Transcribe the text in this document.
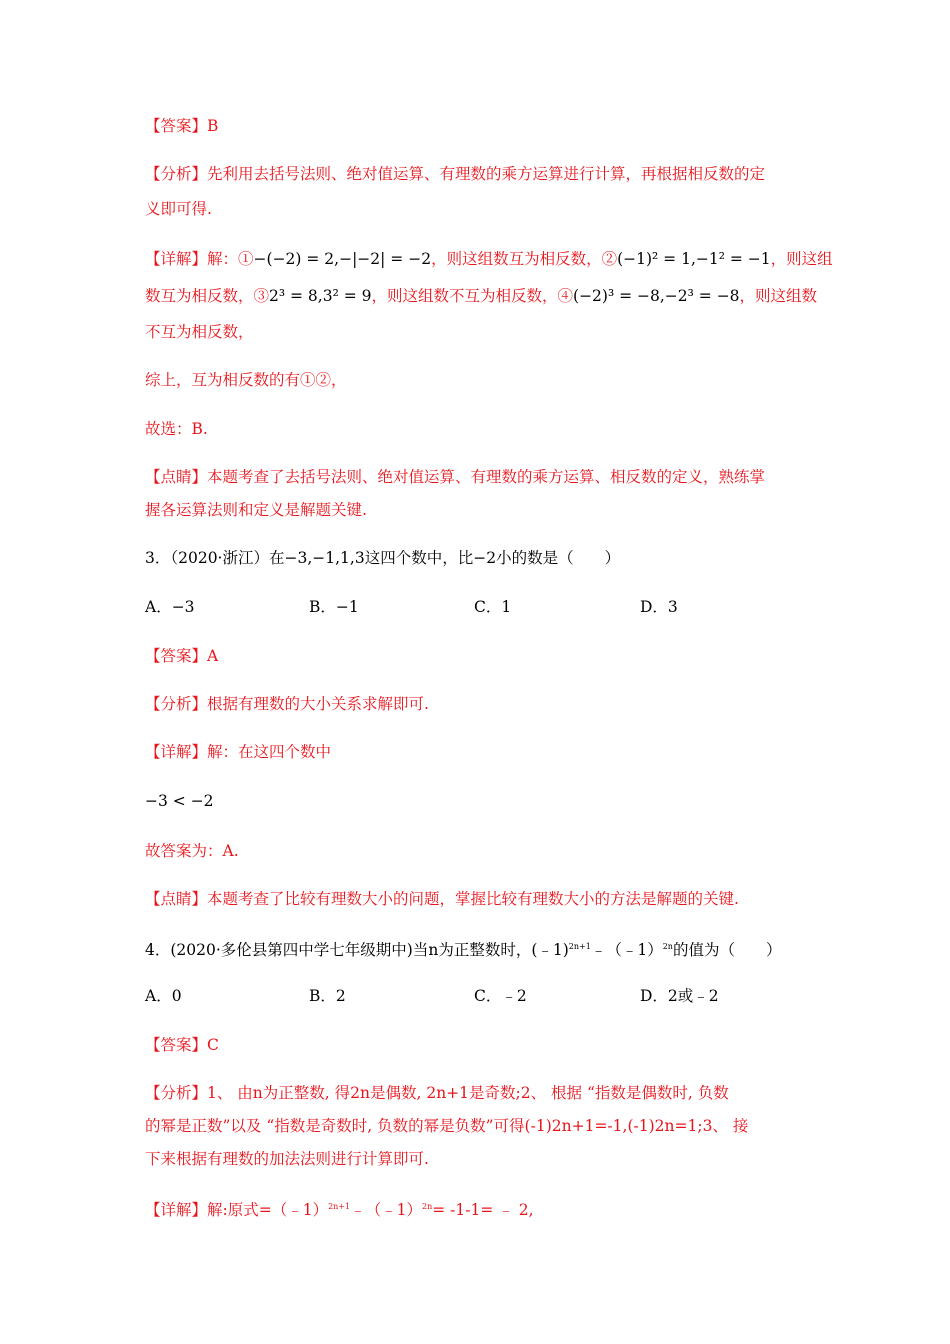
【答案】B
【分析】先利用去括号法则、绝对值运算、有理数的乘方运算进行计算，再根据相反数的定
义即可得.
【详解】解：①−(−2) = 2,−|−2| = −2，则这组数互为相反数，②(−1)² = 1,−1² = −1，则这组
数互为相反数，③2³ = 8,3² = 9，则这组数不互为相反数，④(−2)³ = −8,−2³ = −8，则这组数
不互为相反数，
综上，互为相反数的有①②，
故选：B.
【点睛】本题考查了去括号法则、绝对值运算、有理数的乘方运算、相反数的定义，熟练掌
握各运算法则和定义是解题关键.
3．（2020·浙江）在−3,−1,1,3这四个数中，比−2小的数是（　　）
A．−3	B．−1	C．1	D．3
【答案】A
【分析】根据有理数的大小关系求解即可.
【详解】解：在这四个数中
−3 < −2
故答案为：A.
【点睛】本题考查了比较有理数大小的问题，掌握比较有理数大小的方法是解题的关键.
4．(2020·多伦县第四中学七年级期中)当n为正整数时，(﹣1)$^{2n+1}$﹣（﹣1）$^{2n}$的值为（　　）
A．0	B．2	C．﹣2	D．2或﹣2
【答案】C
【分析】1、 由n为正整数, 得2n是偶数, 2n+1是奇数;2、 根据 “指数是偶数时, 负数
的幂是正数”以及 “指数是奇数时, 负数的幂是负数”可得(-1)2n+1=-1,(-1)2n=1;3、 接
下来根据有理数的加法法则进行计算即可.
【详解】解:原式=（﹣1）$^{2n+1}$﹣（﹣1）$^{2n}$= -1-1= ﹣ 2,
